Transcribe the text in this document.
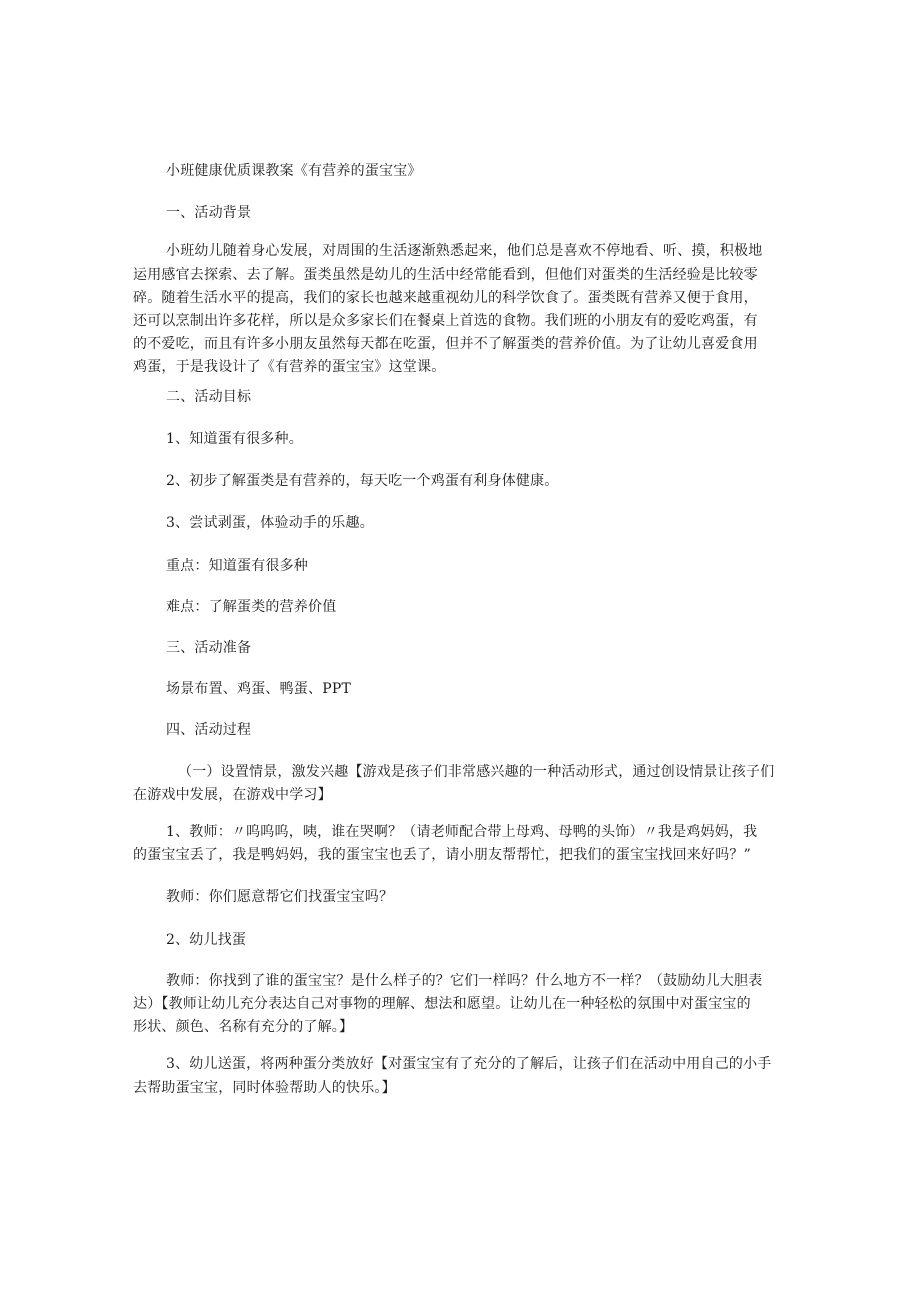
小班健康优质课教案《有营养的蛋宝宝》

一、活动背景

小班幼儿随着身心发展，对周围的生活逐渐熟悉起来，他们总是喜欢不停地看、听、摸，积极地

运用感官去探索、去了解。蛋类虽然是幼儿的生活中经常能看到，但他们对蛋类的生活经验是比较零

碎。随着生活水平的提高，我们的家长也越来越重视幼儿的科学饮食了。蛋类既有营养又便于食用，

还可以烹制出许多花样，所以是众多家长们在餐桌上首选的食物。我们班的小朋友有的爱吃鸡蛋，有

的不爱吃，而且有许多小朋友虽然每天都在吃蛋，但并不了解蛋类的营养价值。为了让幼儿喜爱食用

鸡蛋，于是我设计了《有营养的蛋宝宝》这堂课。

二、活动目标

1、知道蛋有很多种。

2、初步了解蛋类是有营养的，每天吃一个鸡蛋有利身体健康。

3、尝试剥蛋，体验动手的乐趣。

重点：知道蛋有很多种

难点：了解蛋类的营养价值

三、活动准备

场景布置、鸡蛋、鸭蛋、PPT

四、活动过程

（一）设置情景，激发兴趣【游戏是孩子们非常感兴趣的一种活动形式，通过创设情景让孩子们

在游戏中发展，在游戏中学习】

1、教师：〃呜呜呜，咦，谁在哭啊？（请老师配合带上母鸡、母鸭的头饰）〃我是鸡妈妈，我

的蛋宝宝丢了，我是鸭妈妈，我的蛋宝宝也丢了，请小朋友帮帮忙，把我们的蛋宝宝找回来好吗？”

教师：你们愿意帮它们找蛋宝宝吗？

2、幼儿找蛋

教师：你找到了谁的蛋宝宝？是什么样子的？它们一样吗？什么地方不一样？（鼓励幼儿大胆表

达）【教师让幼儿充分表达自己对事物的理解、想法和愿望。让幼儿在一种轻松的氛围中对蛋宝宝的

形状、颜色、名称有充分的了解。】

3、幼儿送蛋，将两种蛋分类放好【对蛋宝宝有了充分的了解后，让孩子们在活动中用自己的小手

去帮助蛋宝宝，同时体验帮助人的快乐。】
